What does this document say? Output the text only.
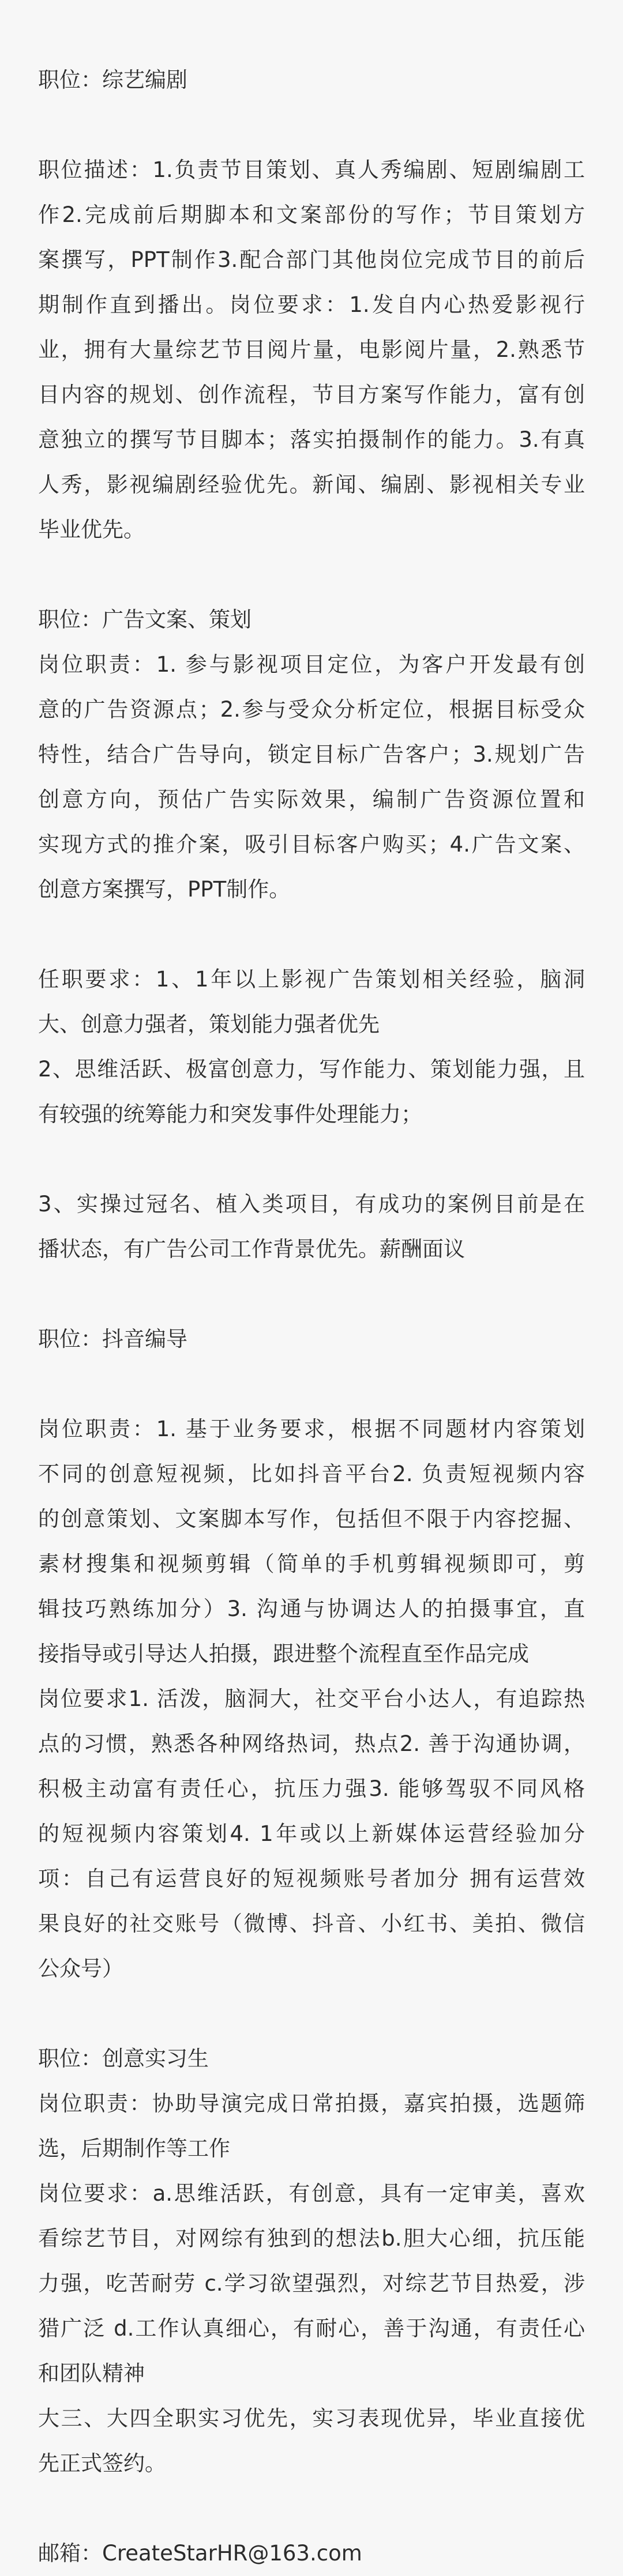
职位：综艺编剧
职位描述：1.负责节目策划、真人秀编剧、短剧编剧工
作2.完成前后期脚本和文案部份的写作；节目策划方
案撰写，PPT制作3.配合部门其他岗位完成节目的前后
期制作直到播出。岗位要求：1.发自内心热爱影视行
业，拥有大量综艺节目阅片量，电影阅片量，2.熟悉节
目内容的规划、创作流程，节目方案写作能力，富有创
意独立的撰写节目脚本；落实拍摄制作的能力。3.有真
人秀，影视编剧经验优先。新闻、编剧、影视相关专业
毕业优先。
职位：广告文案、策划
岗位职责：1. 参与影视项目定位，为客户开发最有创
意的广告资源点；2.参与受众分析定位，根据目标受众
特性，结合广告导向，锁定目标广告客户；3.规划广告
创意方向，预估广告实际效果，编制广告资源位置和
实现方式的推介案，吸引目标客户购买；4.广告文案、
创意方案撰写，PPT制作。
任职要求：1、1年以上影视广告策划相关经验，脑洞
大、创意力强者，策划能力强者优先
2、思维活跃、极富创意力，写作能力、策划能力强，且
有较强的统筹能力和突发事件处理能力；
3、实操过冠名、植入类项目，有成功的案例目前是在
播状态，有广告公司工作背景优先。薪酬面议
职位：抖音编导
岗位职责：1. 基于业务要求，根据不同题材内容策划
不同的创意短视频，比如抖音平台2. 负责短视频内容
的创意策划、文案脚本写作，包括但不限于内容挖掘、
素材搜集和视频剪辑（简单的手机剪辑视频即可，剪
辑技巧熟练加分）3. 沟通与协调达人的拍摄事宜，直
接指导或引导达人拍摄，跟进整个流程直至作品完成
岗位要求1. 活泼，脑洞大，社交平台小达人，有追踪热
点的习惯，熟悉各种网络热词，热点2. 善于沟通协调，
积极主动富有责任心，抗压力强3. 能够驾驭不同风格
的短视频内容策划4. 1年或以上新媒体运营经验加分
项：自己有运营良好的短视频账号者加分 拥有运营效
果良好的社交账号（微博、抖音、小红书、美拍、微信
公众号）
职位：创意实习生
岗位职责：协助导演完成日常拍摄，嘉宾拍摄，选题筛
选，后期制作等工作
岗位要求：a.思维活跃，有创意，具有一定审美，喜欢
看综艺节目，对网综有独到的想法b.胆大心细，抗压能
力强，吃苦耐劳 c.学习欲望强烈，对综艺节目热爱，涉
猎广泛 d.工作认真细心，有耐心，善于沟通，有责任心
和团队精神
大三、大四全职实习优先，实习表现优异，毕业直接优
先正式签约。
邮箱：CreateStarHR@163.com
